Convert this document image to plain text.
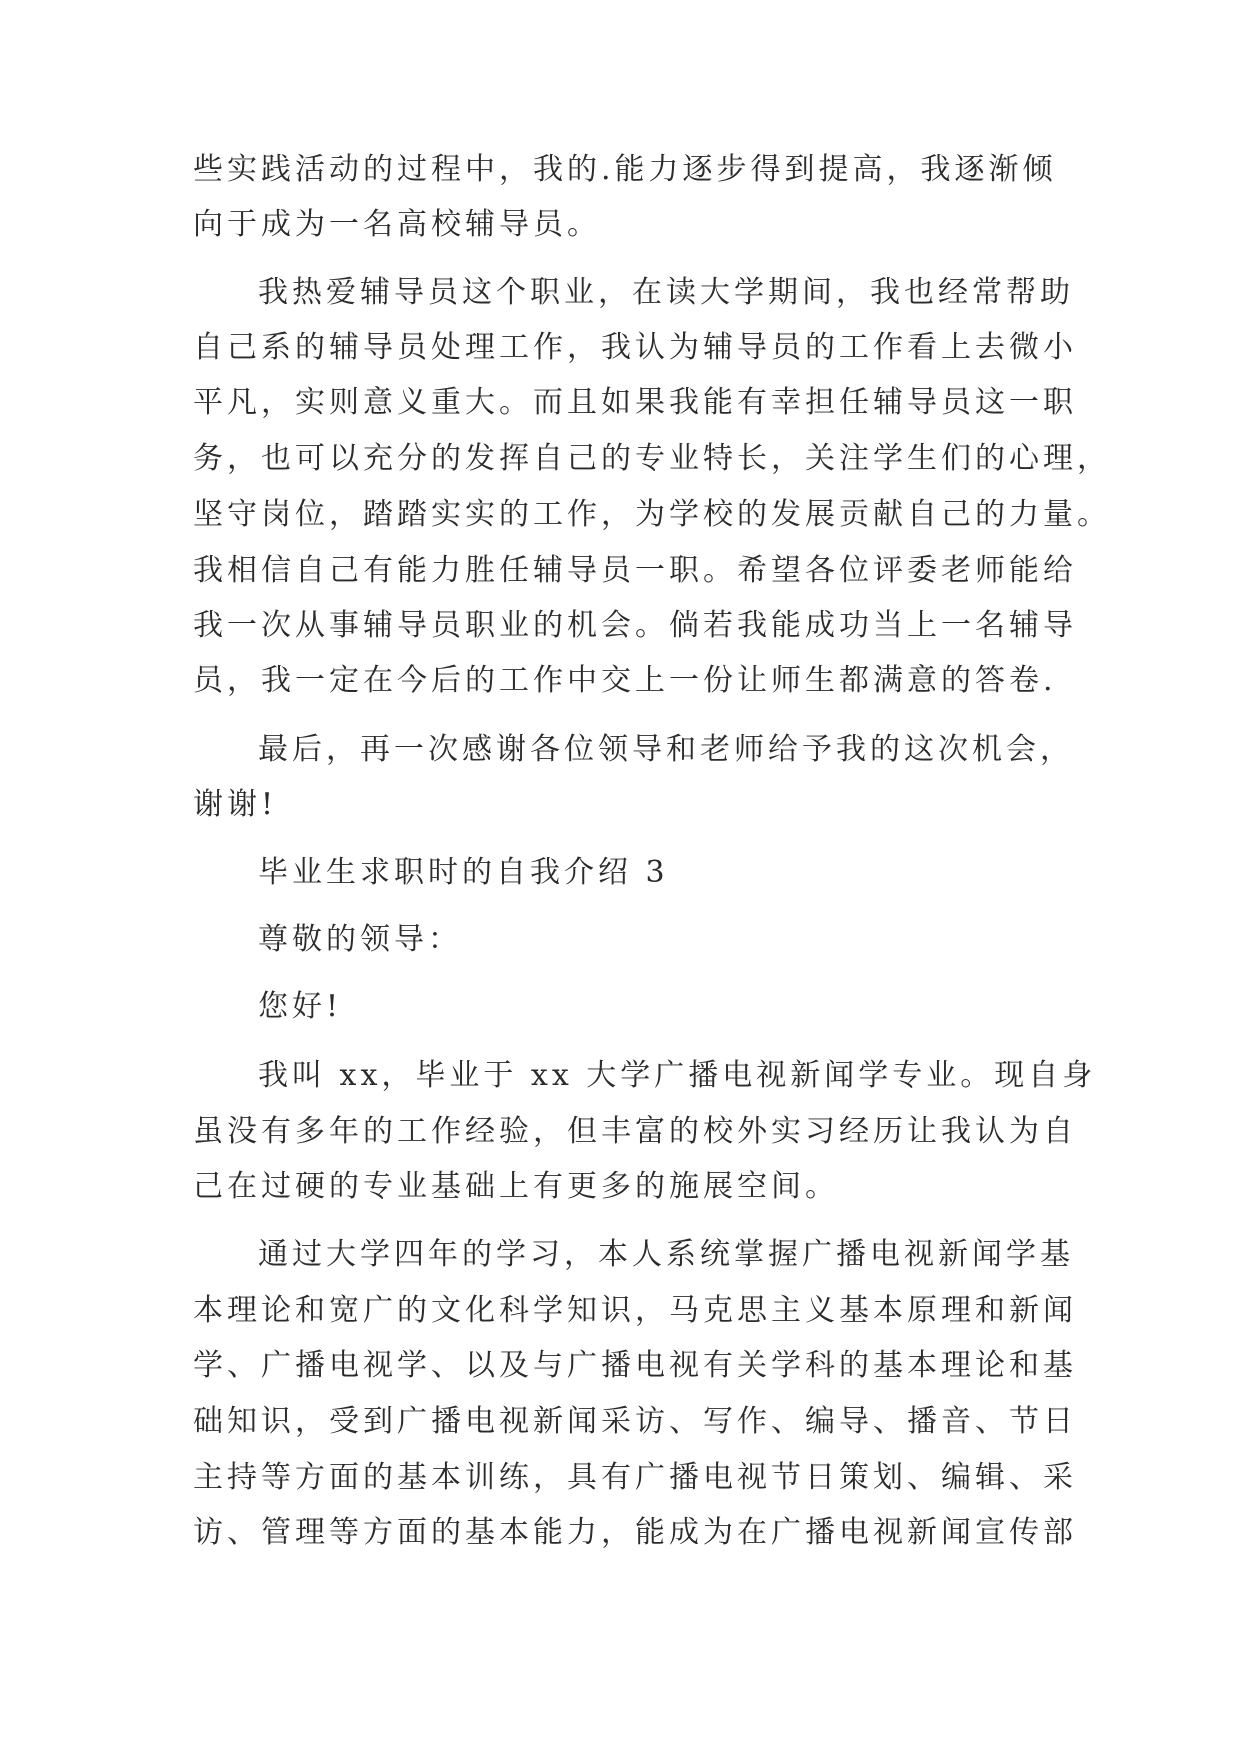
些实践活动的过程中，我的.能力逐步得到提高，我逐渐倾
向于成为一名高校辅导员。
我热爱辅导员这个职业，在读大学期间，我也经常帮助
自己系的辅导员处理工作，我认为辅导员的工作看上去微小
平凡，实则意义重大。而且如果我能有幸担任辅导员这一职
务，也可以充分的发挥自己的专业特长，关注学生们的心理，
坚守岗位，踏踏实实的工作，为学校的发展贡献自己的力量。
我相信自己有能力胜任辅导员一职。希望各位评委老师能给
我一次从事辅导员职业的机会。倘若我能成功当上一名辅导
员，我一定在今后的工作中交上一份让师生都满意的答卷.
最后，再一次感谢各位领导和老师给予我的这次机会，
谢谢!
毕业生求职时的自我介绍 3
尊敬的领导：
您好!
我叫 xx，毕业于 xx 大学广播电视新闻学专业。现自身
虽没有多年的工作经验，但丰富的校外实习经历让我认为自
己在过硬的专业基础上有更多的施展空间。
通过大学四年的学习，本人系统掌握广播电视新闻学基
本理论和宽广的文化科学知识，马克思主义基本原理和新闻
学、广播电视学、以及与广播电视有关学科的基本理论和基
础知识，受到广播电视新闻采访、写作、编导、播音、节日
主持等方面的基本训练，具有广播电视节日策划、编辑、采
访、管理等方面的基本能力，能成为在广播电视新闻宣传部
